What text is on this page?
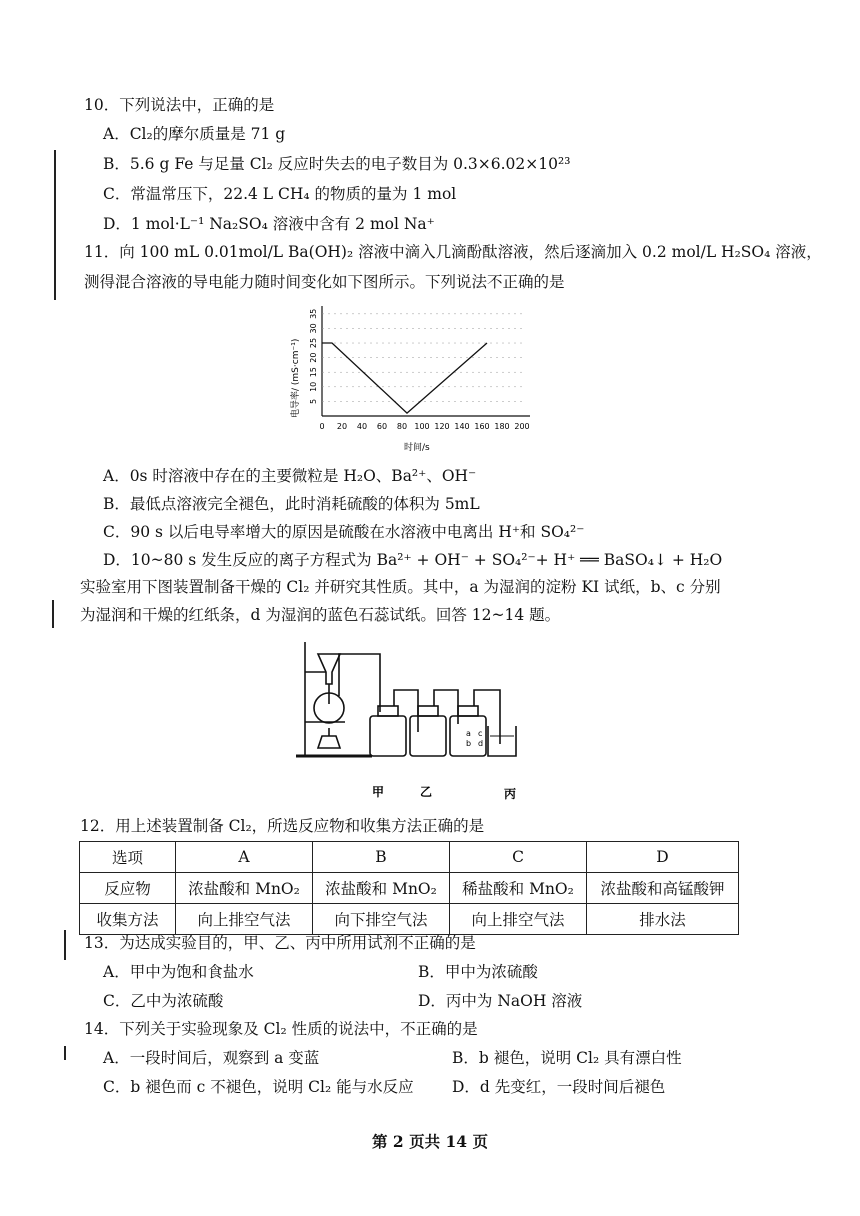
10．下列说法中，正确的是
A．Cl₂的摩尔质量是 71 g
B．5.6 g Fe 与足量 Cl₂ 反应时失去的电子数目为 0.3×6.02×10²³
C．常温常压下，22.4 L CH₄ 的物质的量为 1 mol
D．1 mol·L⁻¹ Na₂SO₄ 溶液中含有 2 mol Na⁺
11．向 100 mL 0.01mol/L Ba(OH)₂ 溶液中滴入几滴酚酞溶液，然后逐滴加入 0.2 mol/L H₂SO₄ 溶液，
测得混合溶液的导电能力随时间变化如下图所示。下列说法不正确的是
电导率/ (mS·cm⁻¹) 5
10
15
20
25
30
35
0 20 40 60 80 100 120 140 160 180 200
时间/s
A．0s 时溶液中存在的主要微粒是 H₂O、Ba²⁺、OH⁻
B．最低点溶液完全褪色，此时消耗硫酸的体积为 5mL
C．90 s 以后电导率增大的原因是硫酸在水溶液中电离出 H⁺和 SO₄²⁻
D．10~80 s 发生反应的离子方程式为 Ba²⁺ + OH⁻ + SO₄²⁻+ H⁺ ══ BaSO₄↓ + H₂O
实验室用下图装置制备干燥的 Cl₂ 并研究其性质。其中，a 为湿润的淀粉 KI 试纸，b、c 分别
为湿润和干燥的红纸条，d 为湿润的蓝色石蕊试纸。回答 12~14 题。
a
b
c
d
甲	乙	丙
12．用上述装置制备 Cl₂，所选反应物和收集方法正确的是
选项	A	B	C	D
反应物	浓盐酸和 MnO₂	浓盐酸和 MnO₂	稀盐酸和 MnO₂	浓盐酸和高锰酸钾
收集方法	向上排空气法	向下排空气法	向上排空气法	排水法
13．为达成实验目的，甲、乙、丙中所用试剂不正确的是
A．甲中为饱和食盐水	B．甲中为浓硫酸
C．乙中为浓硫酸	D．丙中为 NaOH 溶液
14．下列关于实验现象及 Cl₂ 性质的说法中，不正确的是
A．一段时间后，观察到 a 变蓝	B．b 褪色，说明 Cl₂ 具有漂白性
C．b 褪色而 c 不褪色，说明 Cl₂ 能与水反应 D．d 先变红，一段时间后褪色
第 2 页共 14 页
